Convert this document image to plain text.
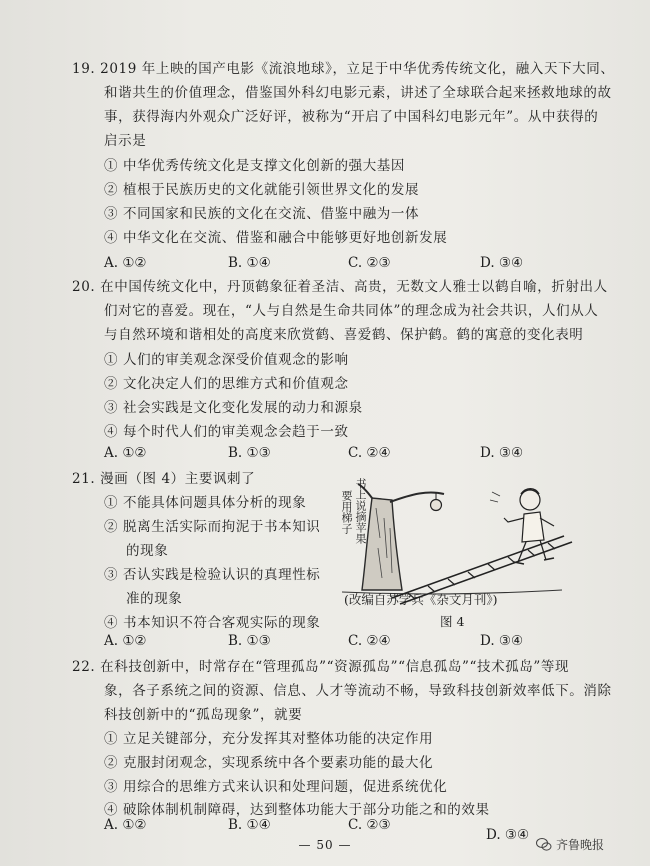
19. 2019 年上映的国产电影《流浪地球》，立足于中华优秀传统文化，融入天下大同、
和谐共生的价值理念，借鉴国外科幻电影元素，讲述了全球联合起来拯救地球的故
事，获得海内外观众广泛好评，被称为“开启了中国科幻电影元年”。从中获得的
启示是
① 中华优秀传统文化是支撑文化创新的强大基因
② 植根于民族历史的文化就能引领世界文化的发展
③ 不同国家和民族的文化在交流、借鉴中融为一体
④ 中华文化在交流、借鉴和融合中能够更好地创新发展
A. ①②	B. ①④	C. ②③	D. ③④
20. 在中国传统文化中，丹顶鹤象征着圣洁、高贵，无数文人雅士以鹤自喻，折射出人
们对它的喜爱。现在，“人与自然是生命共同体”的理念成为社会共识，人们从人
与自然环境和谐相处的高度来欣赏鹤、喜爱鹤、保护鹤。鹤的寓意的变化表明
① 人们的审美观念深受价值观念的影响
② 文化决定人们的思维方式和价值观念
③ 社会实践是文化变化发展的动力和源泉
④ 每个时代人们的审美观念会趋于一致
A. ①②	B. ①③	C. ②④	D. ③④
21. 漫画（图 4）主要讽刺了
① 不能具体问题具体分析的现象
② 脱离生活实际而拘泥于书本知识
的现象
③ 否认实践是检验认识的真理性标
准的现象
④ 书本知识不符合客观实际的现象
要用梯子 书上说摘苹果
(改编自苏学兵《杂文月刊》)
图 4
A. ①②	B. ①③	C. ②④	D. ③④
22. 在科技创新中，时常存在“管理孤岛”“资源孤岛”“信息孤岛”“技术孤岛”等现
象，各子系统之间的资源、信息、人才等流动不畅，导致科技创新效率低下。消除
科技创新中的“孤岛现象”，就要
① 立足关键部分，充分发挥其对整体功能的决定作用
② 克服封闭观念，实现系统中各个要素功能的最大化
③ 用综合的思维方式来认识和处理问题，促进系统优化
④ 破除体制机制障碍，达到整体功能大于部分功能之和的效果
A. ①②	B. ①④	C. ②③
D. ③④
— 50 —	齐鲁晚报
